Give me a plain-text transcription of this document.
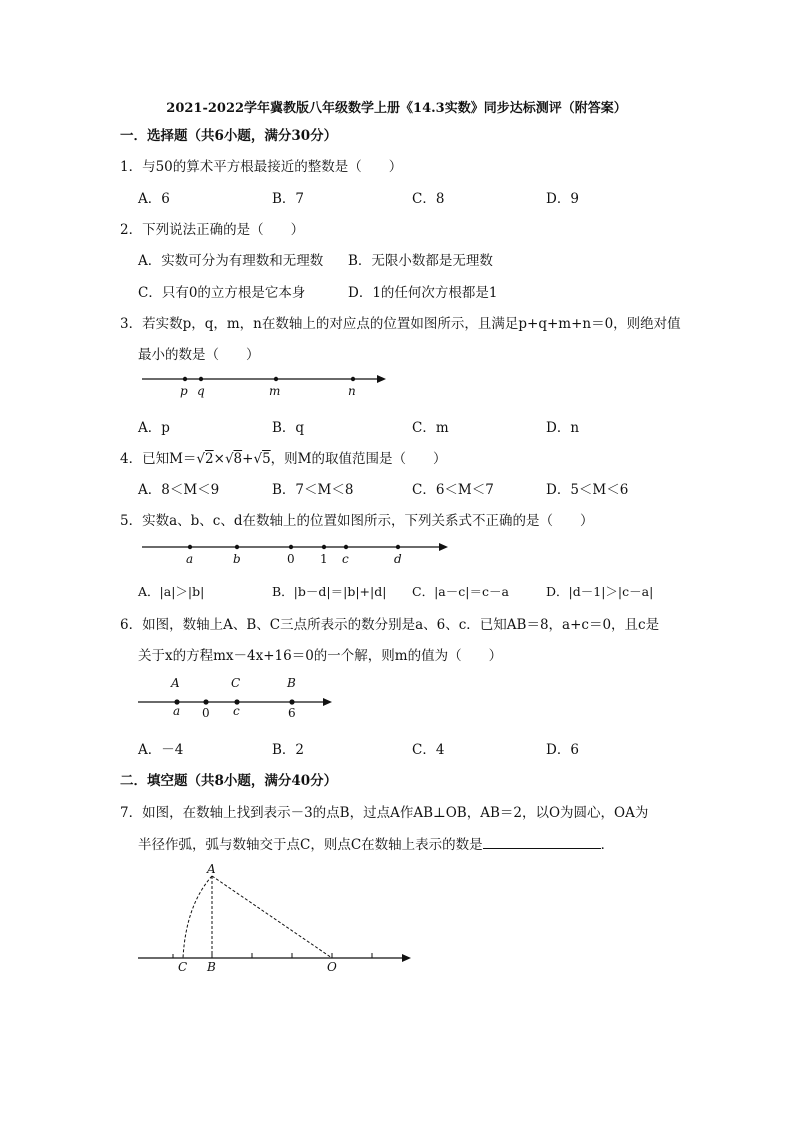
2021-2022学年冀教版八年级数学上册《14.3实数》同步达标测评（附答案）
一．选择题（共6小题，满分30分）
1．与50的算术平方根最接近的整数是（　　）
A．6	B．7	C．8	D．9
2．下列说法正确的是（　　）
A．实数可分为有理数和无理数 B．无限小数都是无理数
C．只有0的立方根是它本身	D．1的任何次方根都是1
3．若实数p，q，m，n在数轴上的对应点的位置如图所示，且满足p+q+m+n＝0，则绝对值
最小的数是（　　）
p q	m	n
A．p	B．q	C．m	D．n
4．已知M＝√2×√8+√5，则M的取值范围是（　　）
A．8＜M＜9	B．7＜M＜8	C．6＜M＜7	D．5＜M＜6
5．实数a、b、c、d在数轴上的位置如图所示，下列关系式不正确的是（　　）
a	b	0 1 c	d
A．|a|＞|b|	B．|b－d|＝|b|+|d| C．|a－c|＝c－a	D．|d－1|＞|c－a|
6．如图，数轴上A、B、C三点所表示的数分别是a、6、c．已知AB＝8，a+c＝0，且c是
关于x的方程mx－4x+16＝0的一个解，则m的值为（　　）
A	C	B
a 0 c	6
A．－4	B．2	C．4	D．6
二．填空题（共8小题，满分40分）
7．如图，在数轴上找到表示－3的点B，过点A作AB⊥OB，AB＝2，以O为圆心，OA为
半径作弧，弧与数轴交于点C，则点C在数轴上表示的数是	．
A
C B	O
